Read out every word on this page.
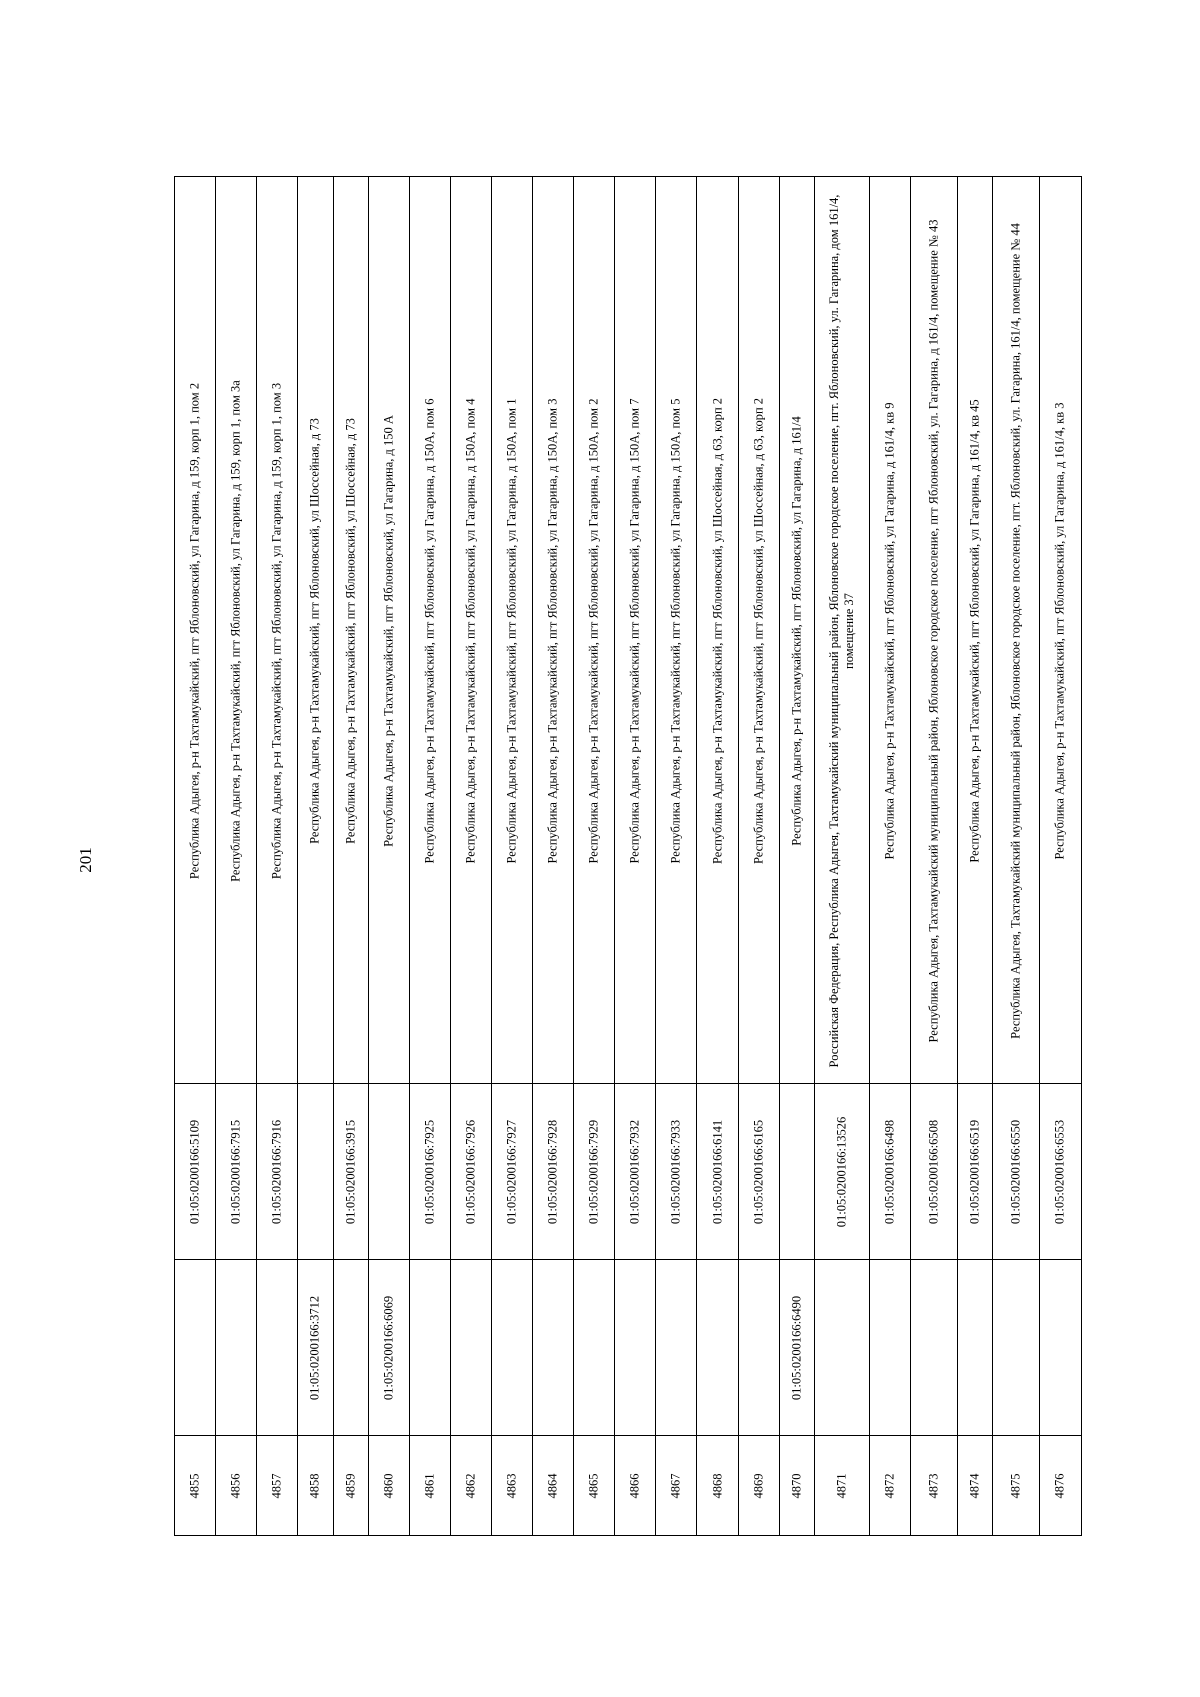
201	Республика Адыгея, р-н Тахтамукайский, пгт Яблоновский, ул Гагарина, д 159, корп 1, пом 2
01:05:0200166:5109
4855
Республика Адыгея, р-н Тахтамукайский, пгт Яблоновский, ул Гагарина, д 159, корп 1, пом 3а
01:05:0200166:7915
4856
Республика Адыгея, р-н Тахтамукайский, пгт Яблоновский, ул Гагарина, д 159, корп 1, пом 3
01:05:0200166:7916
4857
Республика Адыгея, р-н Тахтамукайский, пгт Яблоновский, ул Шоссейная, д 73
01:05:0200166:3712
4858
Республика Адыгея, р-н Тахтамукайский, пгт Яблоновский, ул Шоссейная, д 73
01:05:0200166:3915
4859
Республика Адыгея, р-н Тахтамукайский, пгт Яблоновский, ул Гагарина, д 150 А
01:05:0200166:6069
4860
Республика Адыгея, р-н Тахтамукайский, пгт Яблоновский, ул Гагарина, д 150А, пом 6
01:05:0200166:7925
4861
Республика Адыгея, р-н Тахтамукайский, пгт Яблоновский, ул Гагарина, д 150А, пом 4
01:05:0200166:7926
4862
Республика Адыгея, р-н Тахтамукайский, пгт Яблоновский, ул Гагарина, д 150А, пом 1
01:05:0200166:7927
4863
Республика Адыгея, р-н Тахтамукайский, пгт Яблоновский, ул Гагарина, д 150А, пом 3
01:05:0200166:7928
4864
Республика Адыгея, р-н Тахтамукайский, пгт Яблоновский, ул Гагарина, д 150А, пом 2
01:05:0200166:7929
4865
Республика Адыгея, р-н Тахтамукайский, пгт Яблоновский, ул Гагарина, д 150А, пом 7
01:05:0200166:7932
4866
Республика Адыгея, р-н Тахтамукайский, пгт Яблоновский, ул Гагарина, д 150А, пом 5
01:05:0200166:7933
4867
Республика Адыгея, р-н Тахтамукайский, пгт Яблоновский, ул Шоссейная, д 63, корп 2
01:05:0200166:6141
4868
Республика Адыгея, р-н Тахтамукайский, пгт Яблоновский, ул Шоссейная, д 63, корп 2
01:05:0200166:6165
4869
Республика Адыгея, р-н Тахтамукайский, пгт Яблоновский, ул Гагарина, д 161/4
01:05:0200166:6490
4870
Российская Федерация, Республика Адыгея, Тахтамукайский муниципальный район, Яблоновское городское поселение, пгт. Яблоновский, ул. Гагарина, дом 161/4, помещение 37
01:05:0200166:13526
4871
Республика Адыгея, р-н Тахтамукайский, пгт Яблоновский, ул Гагарина, д 161/4, кв 9
01:05:0200166:6498
4872
Республика Адыгея, Тахтамукайский муниципальный район, Яблоновское городское поселение, пгт Яблоновский, ул. Гагарина, д 161/4, помещение № 43
01:05:0200166:6508
4873
Республика Адыгея, р-н Тахтамукайский, пгт Яблоновский, ул Гагарина, д 161/4, кв 45
01:05:0200166:6519
4874
Республика Адыгея, Тахтамукайский муниципальный район, Яблоновское городское поселение, пгт. Яблоновский, ул. Гагарина, 161/4, помещение № 44
01:05:0200166:6550
4875
Республика Адыгея, р-н Тахтамукайский, пгт Яблоновский, ул Гагарина, д 161/4, кв 3
01:05:0200166:6553
4876
